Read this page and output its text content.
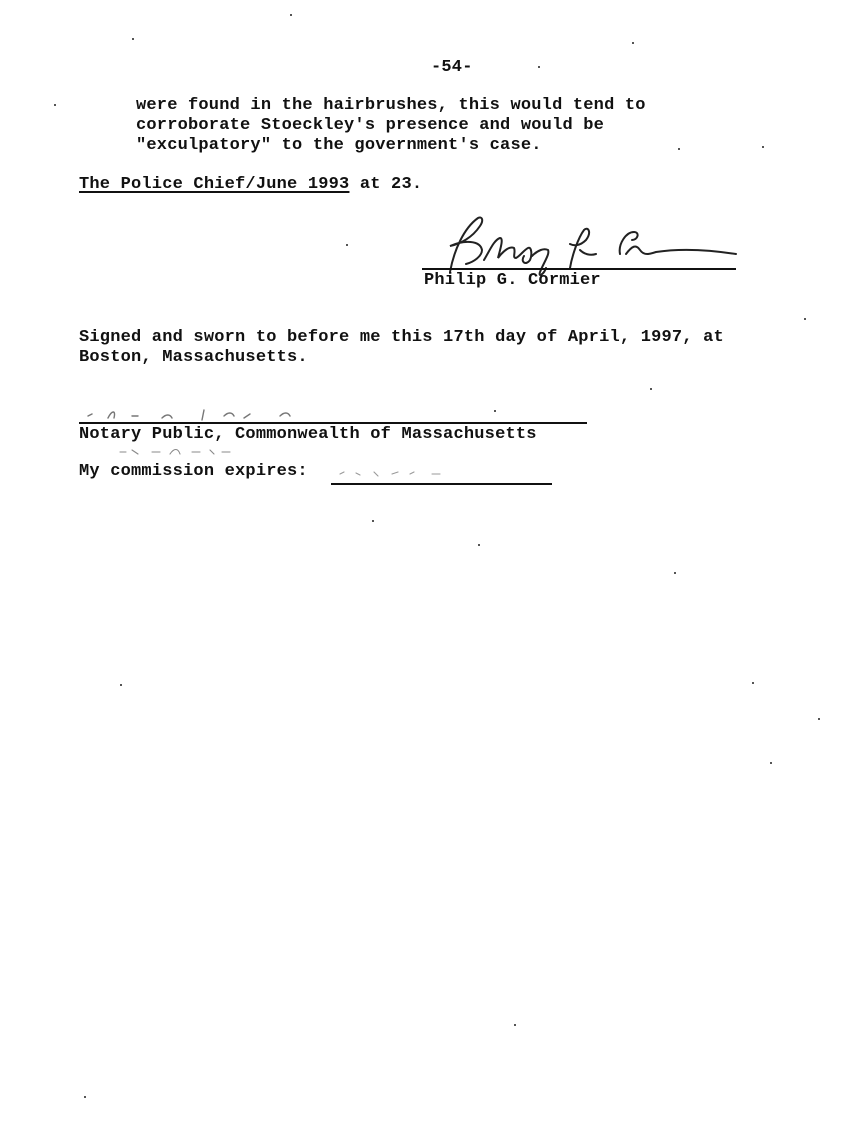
-54-
were found in the hairbrushes, this would tend to
corroborate Stoeckley's presence and would be
"exculpatory" to the government's case.
The Police Chief/June 1993 at 23.
Philip G. Cormier
Signed and sworn to before me this 17th day of April, 1997, at
Boston, Massachusetts.
Notary Public, Commonwealth of Massachusetts
My commission expires:
